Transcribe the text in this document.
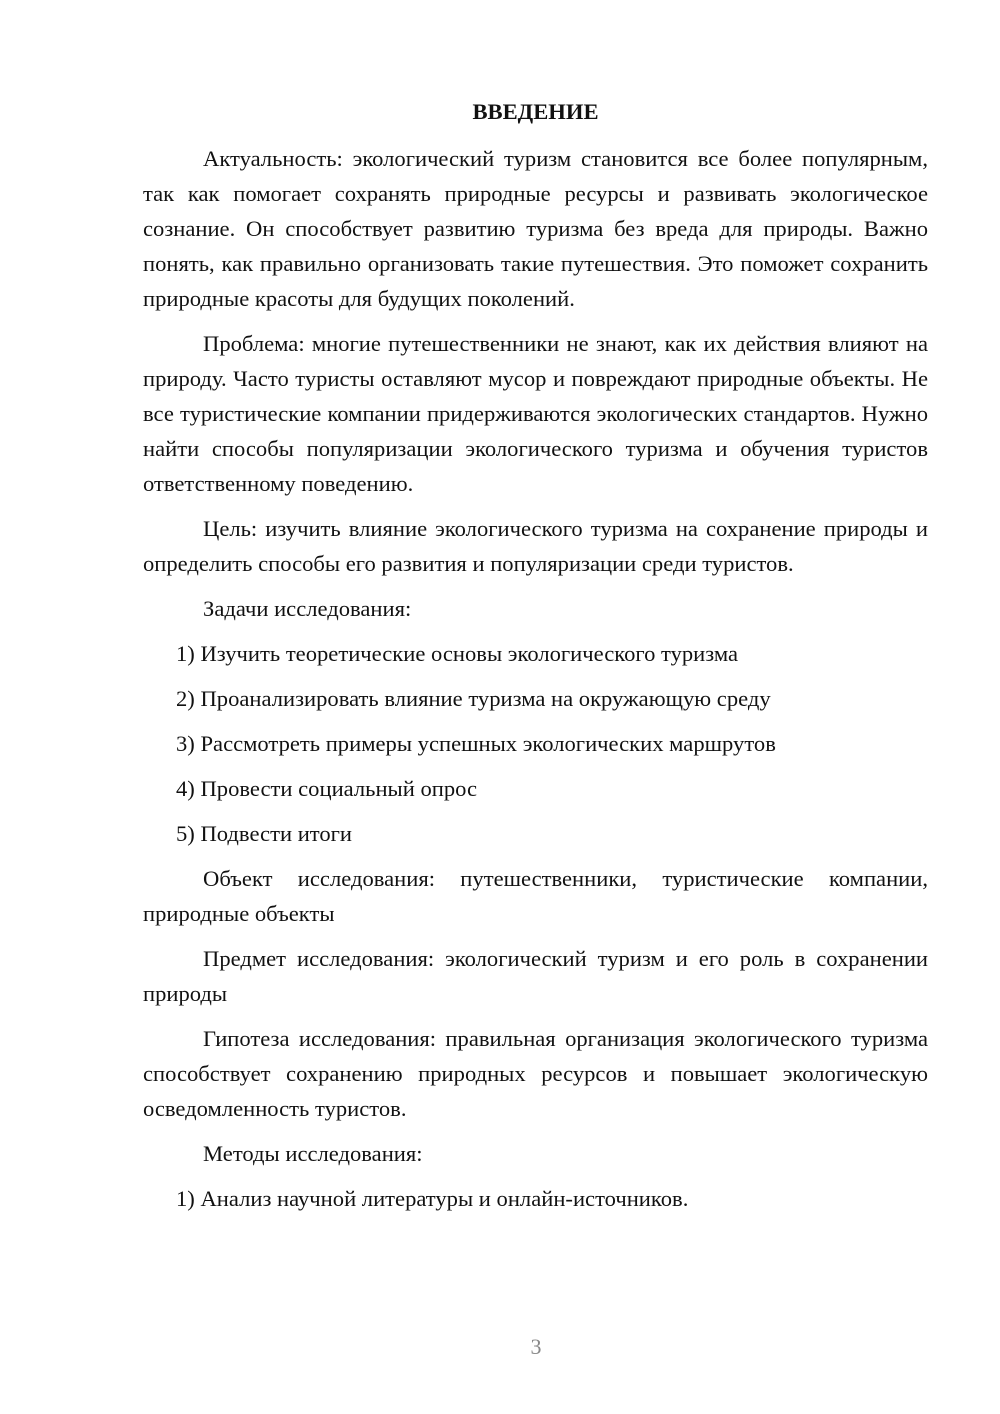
ВВЕДЕНИЕ

Актуальность: экологический туризм становится все более популярным, так как помогает сохранять природные ресурсы и развивать экологическое сознание. Он способствует развитию туризма без вреда для природы. Важно понять, как правильно организовать такие путешествия. Это поможет сохранить природные красоты для будущих поколений.

Проблема: многие путешественники не знают, как их действия влияют на природу. Часто туристы оставляют мусор и повреждают природные объекты. Не все туристические компании придерживаются экологических стандартов. Нужно найти способы популяризации экологического туризма и обучения туристов ответственному поведению.

Цель: изучить влияние экологического туризма на сохранение природы и определить способы его развития и популяризации среди туристов.

Задачи исследования:

1) Изучить теоретические основы экологического туризма

2) Проанализировать влияние туризма на окружающую среду

3) Рассмотреть примеры успешных экологических маршрутов

4) Провести социальный опрос

5) Подвести итоги

Объект исследования: путешественники, туристические компании, природные объекты

Предмет исследования: экологический туризм и его роль в сохранении природы

Гипотеза исследования: правильная организация экологического туризма способствует сохранению природных ресурсов и повышает экологическую осведомленность туристов.

Методы исследования:

1) Анализ научной литературы и онлайн-источников.

3
